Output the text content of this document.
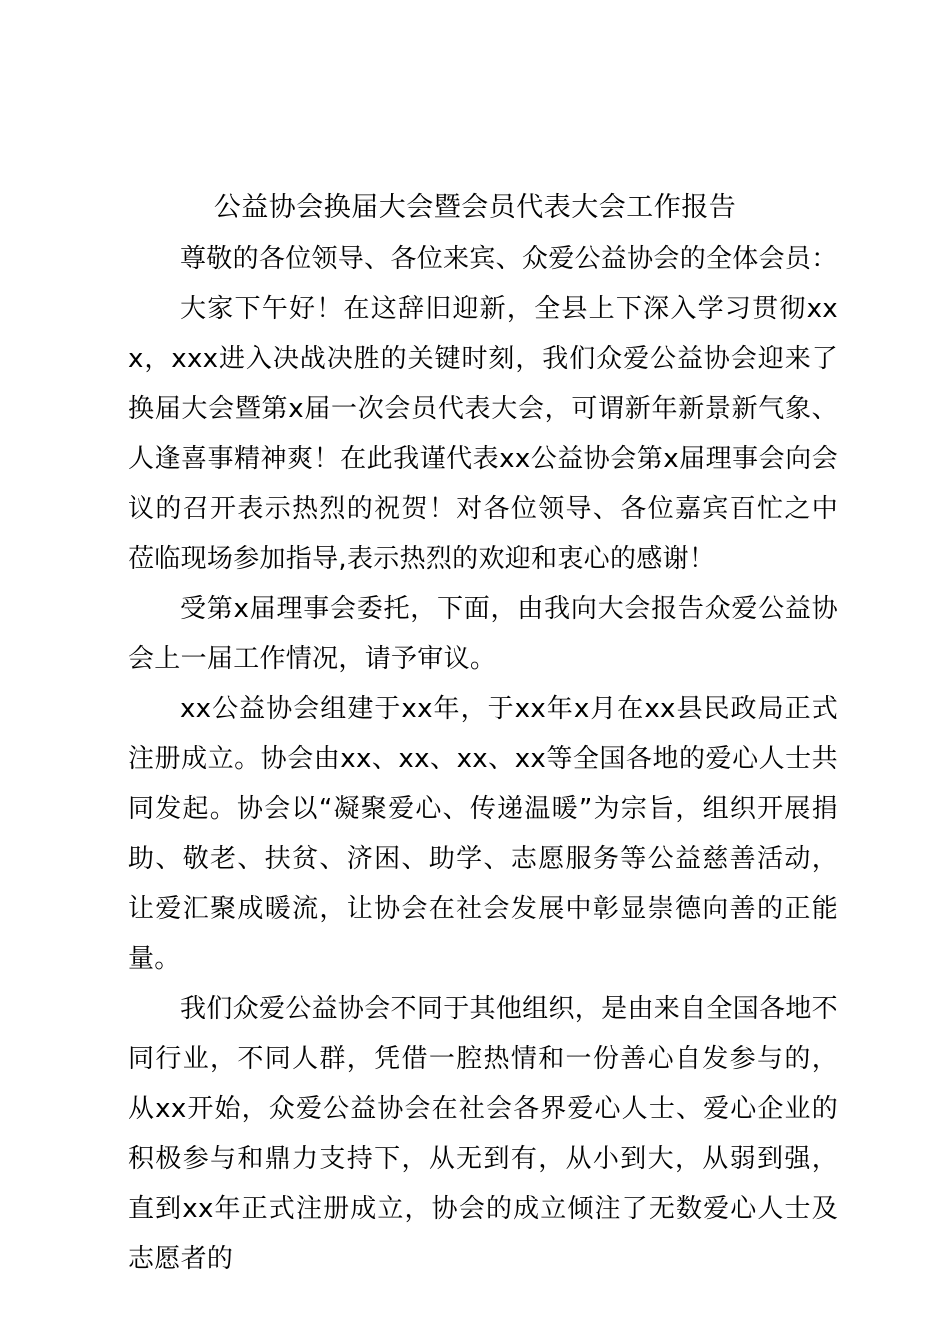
公益协会换届大会暨会员代表大会工作报告

尊敬的各位领导、各位来宾、众爱公益协会的全体会员：

大家下午好！在这辞旧迎新，全县上下深入学习贯彻xxx，xxx进入决战决胜的关键时刻，我们众爱公益协会迎来了换届大会暨第x届一次会员代表大会，可谓新年新景新气象、人逢喜事精神爽！在此我谨代表xx公益协会第x届理事会向会议的召开表示热烈的祝贺！对各位领导、各位嘉宾百忙之中莅临现场参加指导,表示热烈的欢迎和衷心的感谢！

受第x届理事会委托，下面，由我向大会报告众爱公益协会上一届工作情况，请予审议。

xx公益协会组建于xx年，于xx年x月在xx县民政局正式注册成立。协会由xx、xx、xx、xx等全国各地的爱心人士共同发起。协会以“凝聚爱心、传递温暖”为宗旨，组织开展捐助、敬老、扶贫、济困、助学、志愿服务等公益慈善活动，让爱汇聚成暖流，让协会在社会发展中彰显崇德向善的正能量。

我们众爱公益协会不同于其他组织，是由来自全国各地不同行业，不同人群，凭借一腔热情和一份善心自发参与的，从xx开始，众爱公益协会在社会各界爱心人士、爱心企业的积极参与和鼎力支持下，从无到有，从小到大，从弱到强，直到xx年正式注册成立，协会的成立倾注了无数爱心人士及志愿者的
